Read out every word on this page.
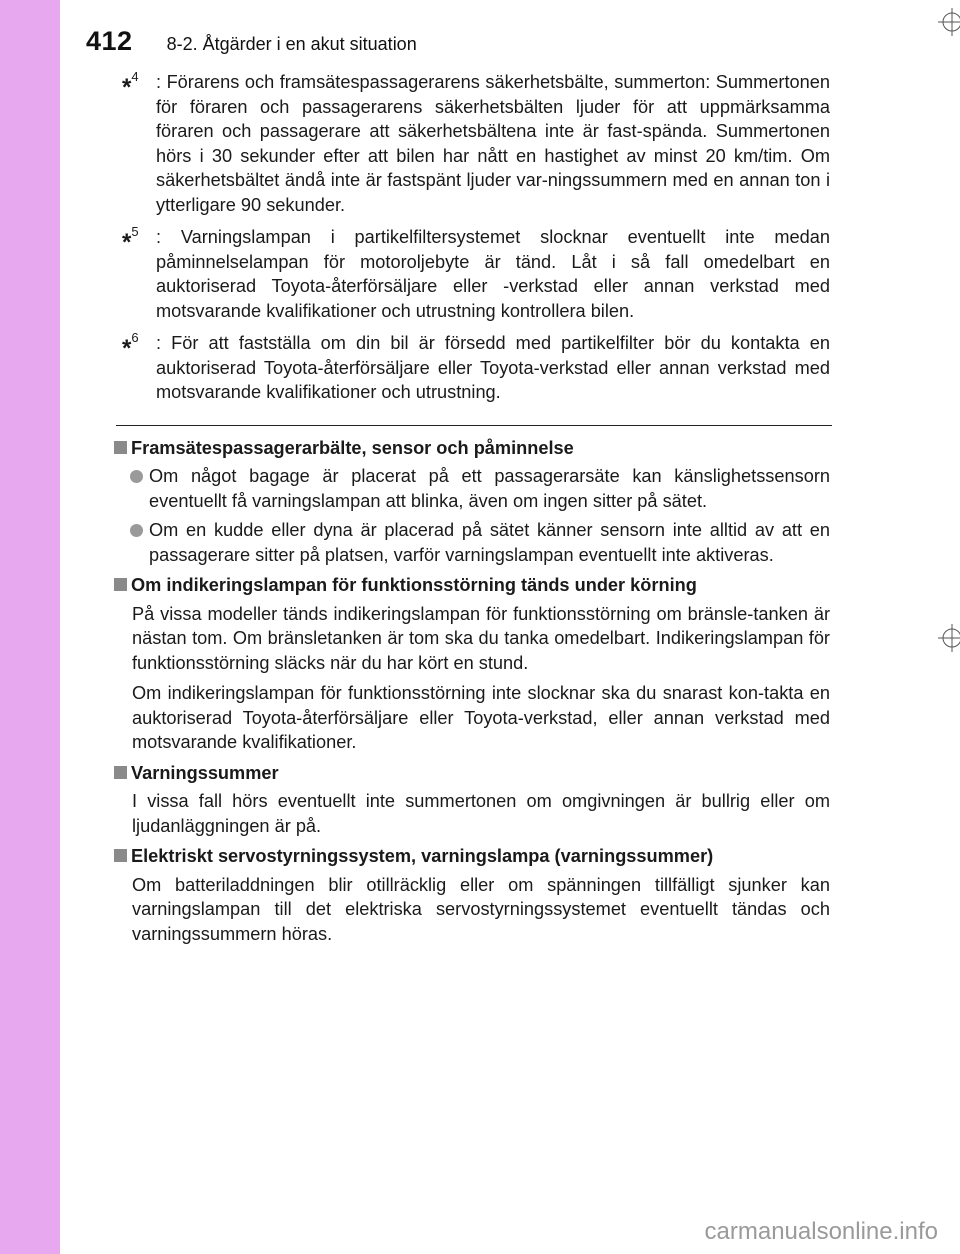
412 8-2. Åtgärder i en akut situation
*$^4$ : Förarens och framsätespassagerarens säkerhetsbälte, summerton: Summertonen för föraren och passagerarens säkerhetsbälten ljuder för att uppmärksamma föraren och passagerare att säkerhetsbältena inte är fast-spända. Summertonen hörs i 30 sekunder efter att bilen har nått en hastighet av minst 20 km/tim. Om säkerhetsbältet ändå inte är fastspänt ljuder var-ningssummern med en annan ton i ytterligare 90 sekunder.
*$^5$ : Varningslampan i partikelfiltersystemet slocknar eventuellt inte medan påminnelselampan för motoroljebyte är tänd. Låt i så fall omedelbart en auktoriserad Toyota-återförsäljare eller -verkstad eller annan verkstad med motsvarande kvalifikationer och utrustning kontrollera bilen.
*$^6$ : För att fastställa om din bil är försedd med partikelfilter bör du kontakta en auktoriserad Toyota-återförsäljare eller Toyota-verkstad eller annan verkstad med motsvarande kvalifikationer och utrustning.
Framsätespassagerarbälte, sensor och påminnelse
Om något bagage är placerat på ett passagerarsäte kan känslighetssensorn eventuellt få varningslampan att blinka, även om ingen sitter på sätet.
Om en kudde eller dyna är placerad på sätet känner sensorn inte alltid av att en passagerare sitter på platsen, varför varningslampan eventuellt inte aktiveras.
Om indikeringslampan för funktionsstörning tänds under körning
På vissa modeller tänds indikeringslampan för funktionsstörning om bränsle-tanken är nästan tom. Om bränsletanken är tom ska du tanka omedelbart. Indikeringslampan för funktionsstörning släcks när du har kört en stund.
Om indikeringslampan för funktionsstörning inte slocknar ska du snarast kon-takta en auktoriserad Toyota-återförsäljare eller Toyota-verkstad, eller annan verkstad med motsvarande kvalifikationer.
Varningssummer
I vissa fall hörs eventuellt inte summertonen om omgivningen är bullrig eller om ljudanläggningen är på.
Elektriskt servostyrningssystem, varningslampa (varningssummer)
Om batteriladdningen blir otillräcklig eller om spänningen tillfälligt sjunker kan varningslampan till det elektriska servostyrningssystemet eventuellt tändas och varningssummern höras.
carmanualsonline.info
